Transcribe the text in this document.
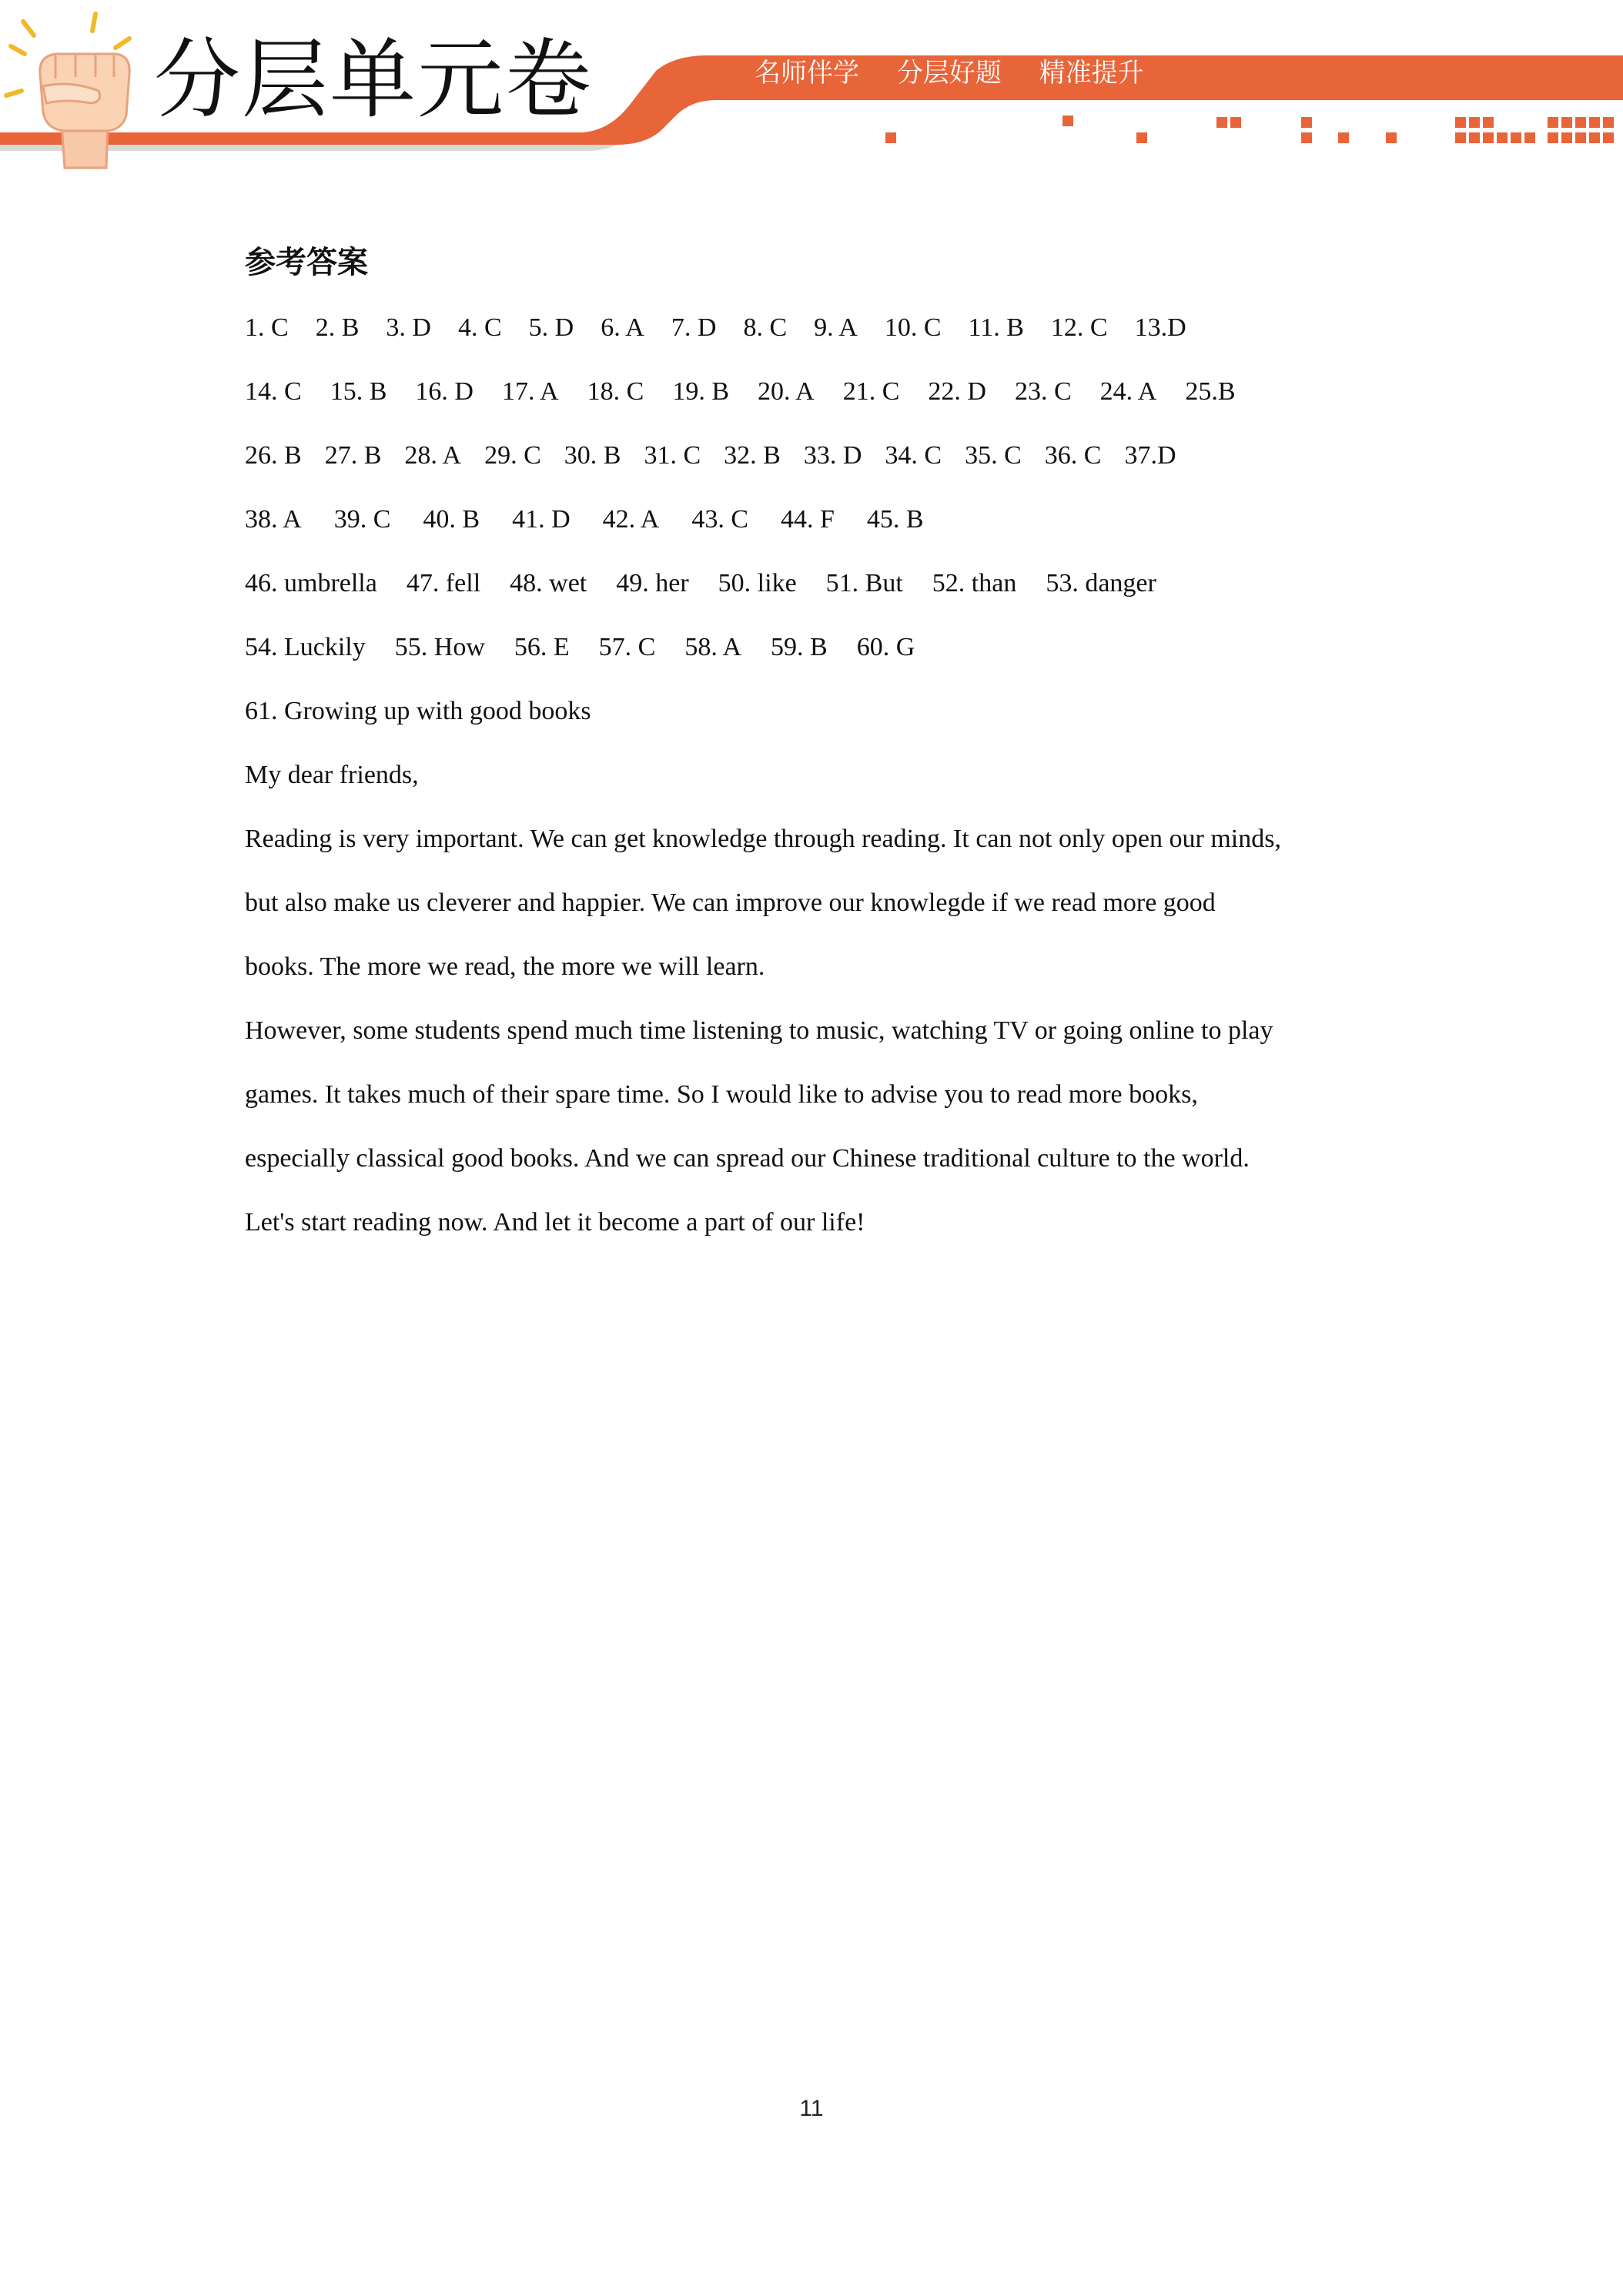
分层单元卷	名师伴学 分层好题 精准提升
参考答案
1. C 2. B 3. D 4. C 5. D 6. A 7. D 8. C 9. A 10. C 11. B 12. C 13.D
14. C 15. B 16. D 17. A 18. C 19. B 20. A 21. C 22. D 23. C 24. A 25.B
26. B 27. B 28. A 29. C 30. B 31. C 32. B 33. D 34. C 35. C 36. C 37.D
38. A 39. C 40. B 41. D 42. A 43. C 44. F 45. B
46. umbrella 47. fell 48. wet 49. her 50. like 51. But 52. than 53. danger
54. Luckily 55. How 56. E 57. C 58. A 59. B 60. G
61. Growing up with good books
My dear friends,
Reading is very important. We can get knowledge through reading. It can not only open our minds,
but also make us cleverer and happier. We can improve our knowlegde if we read more good
books. The more we read, the more we will learn.
However, some students spend much time listening to music, watching TV or going online to play
games. It takes much of their spare time. So I would like to advise you to read more books,
especially classical good books. And we can spread our Chinese traditional culture to the world.
Let's start reading now. And let it become a part of our life!
11
